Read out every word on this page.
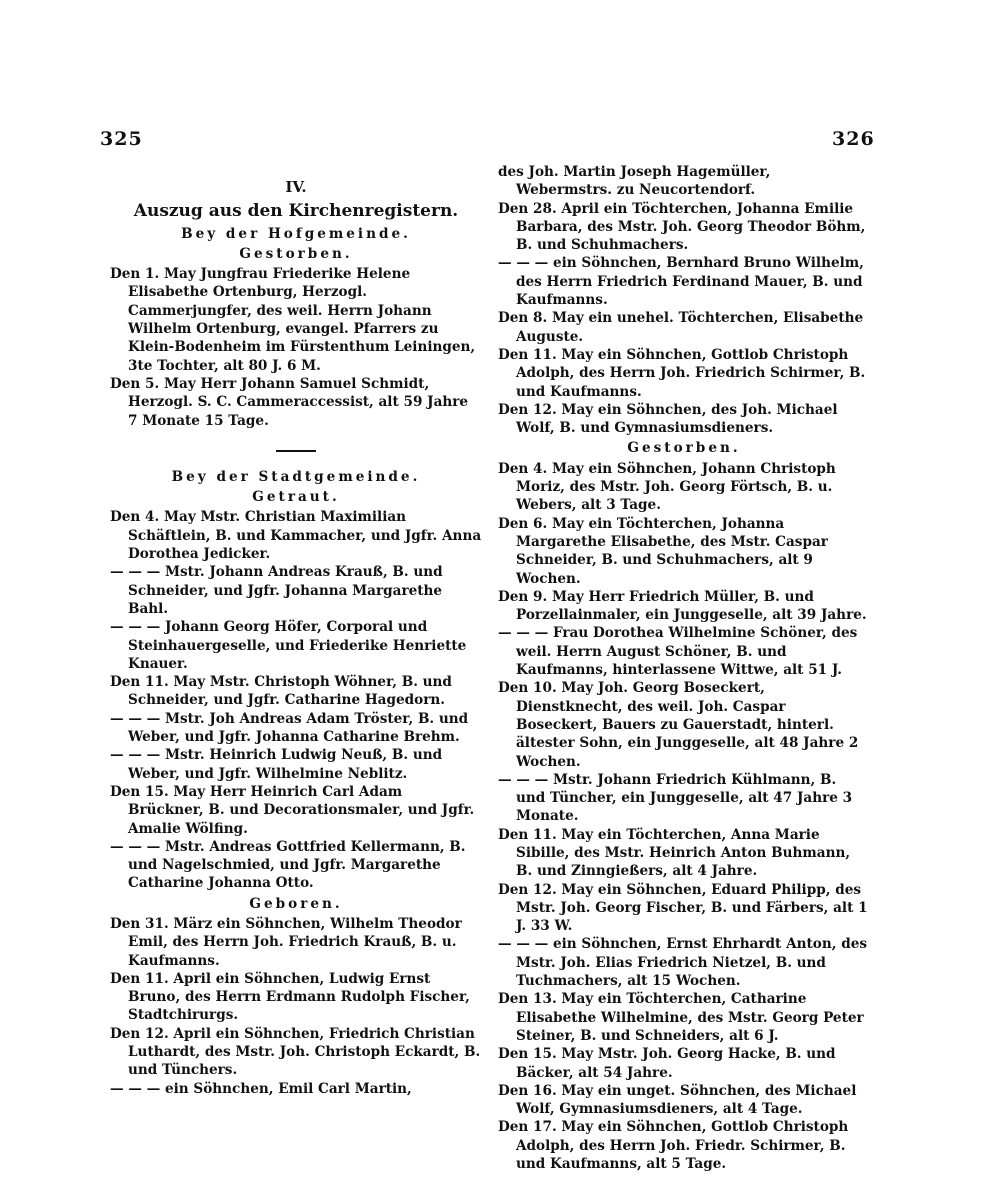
325	326

IV.

Auszug aus den Kirchenregistern.

Bey der Hofgemeinde.

Gestorben.

Den 1. May Jungfrau Friederike Helene Elisabethe Ortenburg, Herzogl. Cammerjungfer, des weil. Herrn Johann Wilhelm Ortenburg, evangel. Pfarrers zu Klein-Bodenheim im Fürstenthum Leiningen, 3te Tochter, alt 80 J. 6 M.

Den 5. May Herr Johann Samuel Schmidt, Herzogl. S. C. Cammeraccessist, alt 59 Jahre 7 Monate 15 Tage.

Bey der Stadtgemeinde.

Getraut.

Den 4. May Mstr. Christian Maximilian Schäftlein, B. und Kammacher, und Jgfr. Anna Dorothea Jedicker.

— — — Mstr. Johann Andreas Krauß, B. und Schneider, und Jgfr. Johanna Margarethe Bahl.

— — — Johann Georg Höfer, Corporal und Steinhauergeselle, und Friederike Henriette Knauer.

Den 11. May Mstr. Christoph Wöhner, B. und Schneider, und Jgfr. Catharine Hagedorn.

— — — Mstr. Joh Andreas Adam Tröster, B. und Weber, und Jgfr. Johanna Catharine Brehm.

— — — Mstr. Heinrich Ludwig Neuß, B. und Weber, und Jgfr. Wilhelmine Neblitz.

Den 15. May Herr Heinrich Carl Adam Brückner, B. und Decorationsmaler, und Jgfr. Amalie Wölfing.

— — — Mstr. Andreas Gottfried Kellermann, B. und Nagelschmied, und Jgfr. Margarethe Catharine Johanna Otto.

Geboren.

Den 31. März ein Söhnchen, Wilhelm Theodor Emil, des Herrn Joh. Friedrich Krauß, B. u. Kaufmanns.

Den 11. April ein Söhnchen, Ludwig Ernst Bruno, des Herrn Erdmann Rudolph Fischer, Stadtchirurgs.

Den 12. April ein Söhnchen, Friedrich Christian Luthardt, des Mstr. Joh. Christoph Eckardt, B. und Tünchers.

— — — ein Söhnchen, Emil Carl Martin,

des Joh. Martin Joseph Hagemüller, Webermstrs. zu Neucortendorf.

Den 28. April ein Töchterchen, Johanna Emilie Barbara, des Mstr. Joh. Georg Theodor Böhm, B. und Schuhmachers.

— — — ein Söhnchen, Bernhard Bruno Wilhelm, des Herrn Friedrich Ferdinand Mauer, B. und Kaufmanns.

Den 8. May ein unehel. Töchterchen, Elisabethe Auguste.

Den 11. May ein Söhnchen, Gottlob Christoph Adolph, des Herrn Joh. Friedrich Schirmer, B. und Kaufmanns.

Den 12. May ein Söhnchen, des Joh. Michael Wolf, B. und Gymnasiumsdieners.

Gestorben.

Den 4. May ein Söhnchen, Johann Christoph Moriz, des Mstr. Joh. Georg Förtsch, B. u. Webers, alt 3 Tage.

Den 6. May ein Töchterchen, Johanna Margarethe Elisabethe, des Mstr. Caspar Schneider, B. und Schuhmachers, alt 9 Wochen.

Den 9. May Herr Friedrich Müller, B. und Porzellainmaler, ein Junggeselle, alt 39 Jahre.

— — — Frau Dorothea Wilhelmine Schöner, des weil. Herrn August Schöner, B. und Kaufmanns, hinterlassene Wittwe, alt 51 J.

Den 10. May Joh. Georg Boseckert, Dienstknecht, des weil. Joh. Caspar Boseckert, Bauers zu Gauerstadt, hinterl. ältester Sohn, ein Junggeselle, alt 48 Jahre 2 Wochen.

— — — Mstr. Johann Friedrich Kühlmann, B. und Tüncher, ein Junggeselle, alt 47 Jahre 3 Monate.

Den 11. May ein Töchterchen, Anna Marie Sibille, des Mstr. Heinrich Anton Buhmann, B. und Zinngießers, alt 4 Jahre.

Den 12. May ein Söhnchen, Eduard Philipp, des Mstr. Joh. Georg Fischer, B. und Färbers, alt 1 J. 33 W.

— — — ein Söhnchen, Ernst Ehrhardt Anton, des Mstr. Joh. Elias Friedrich Nietzel, B. und Tuchmachers, alt 15 Wochen.

Den 13. May ein Töchterchen, Catharine Elisabethe Wilhelmine, des Mstr. Georg Peter Steiner, B. und Schneiders, alt 6 J.

Den 15. May Mstr. Joh. Georg Hacke, B. und Bäcker, alt 54 Jahre.

Den 16. May ein unget. Söhnchen, des Michael Wolf, Gymnasiumsdieners, alt 4 Tage.

Den 17. May ein Söhnchen, Gottlob Christoph Adolph, des Herrn Joh. Friedr. Schirmer, B. und Kaufmanns, alt 5 Tage.
